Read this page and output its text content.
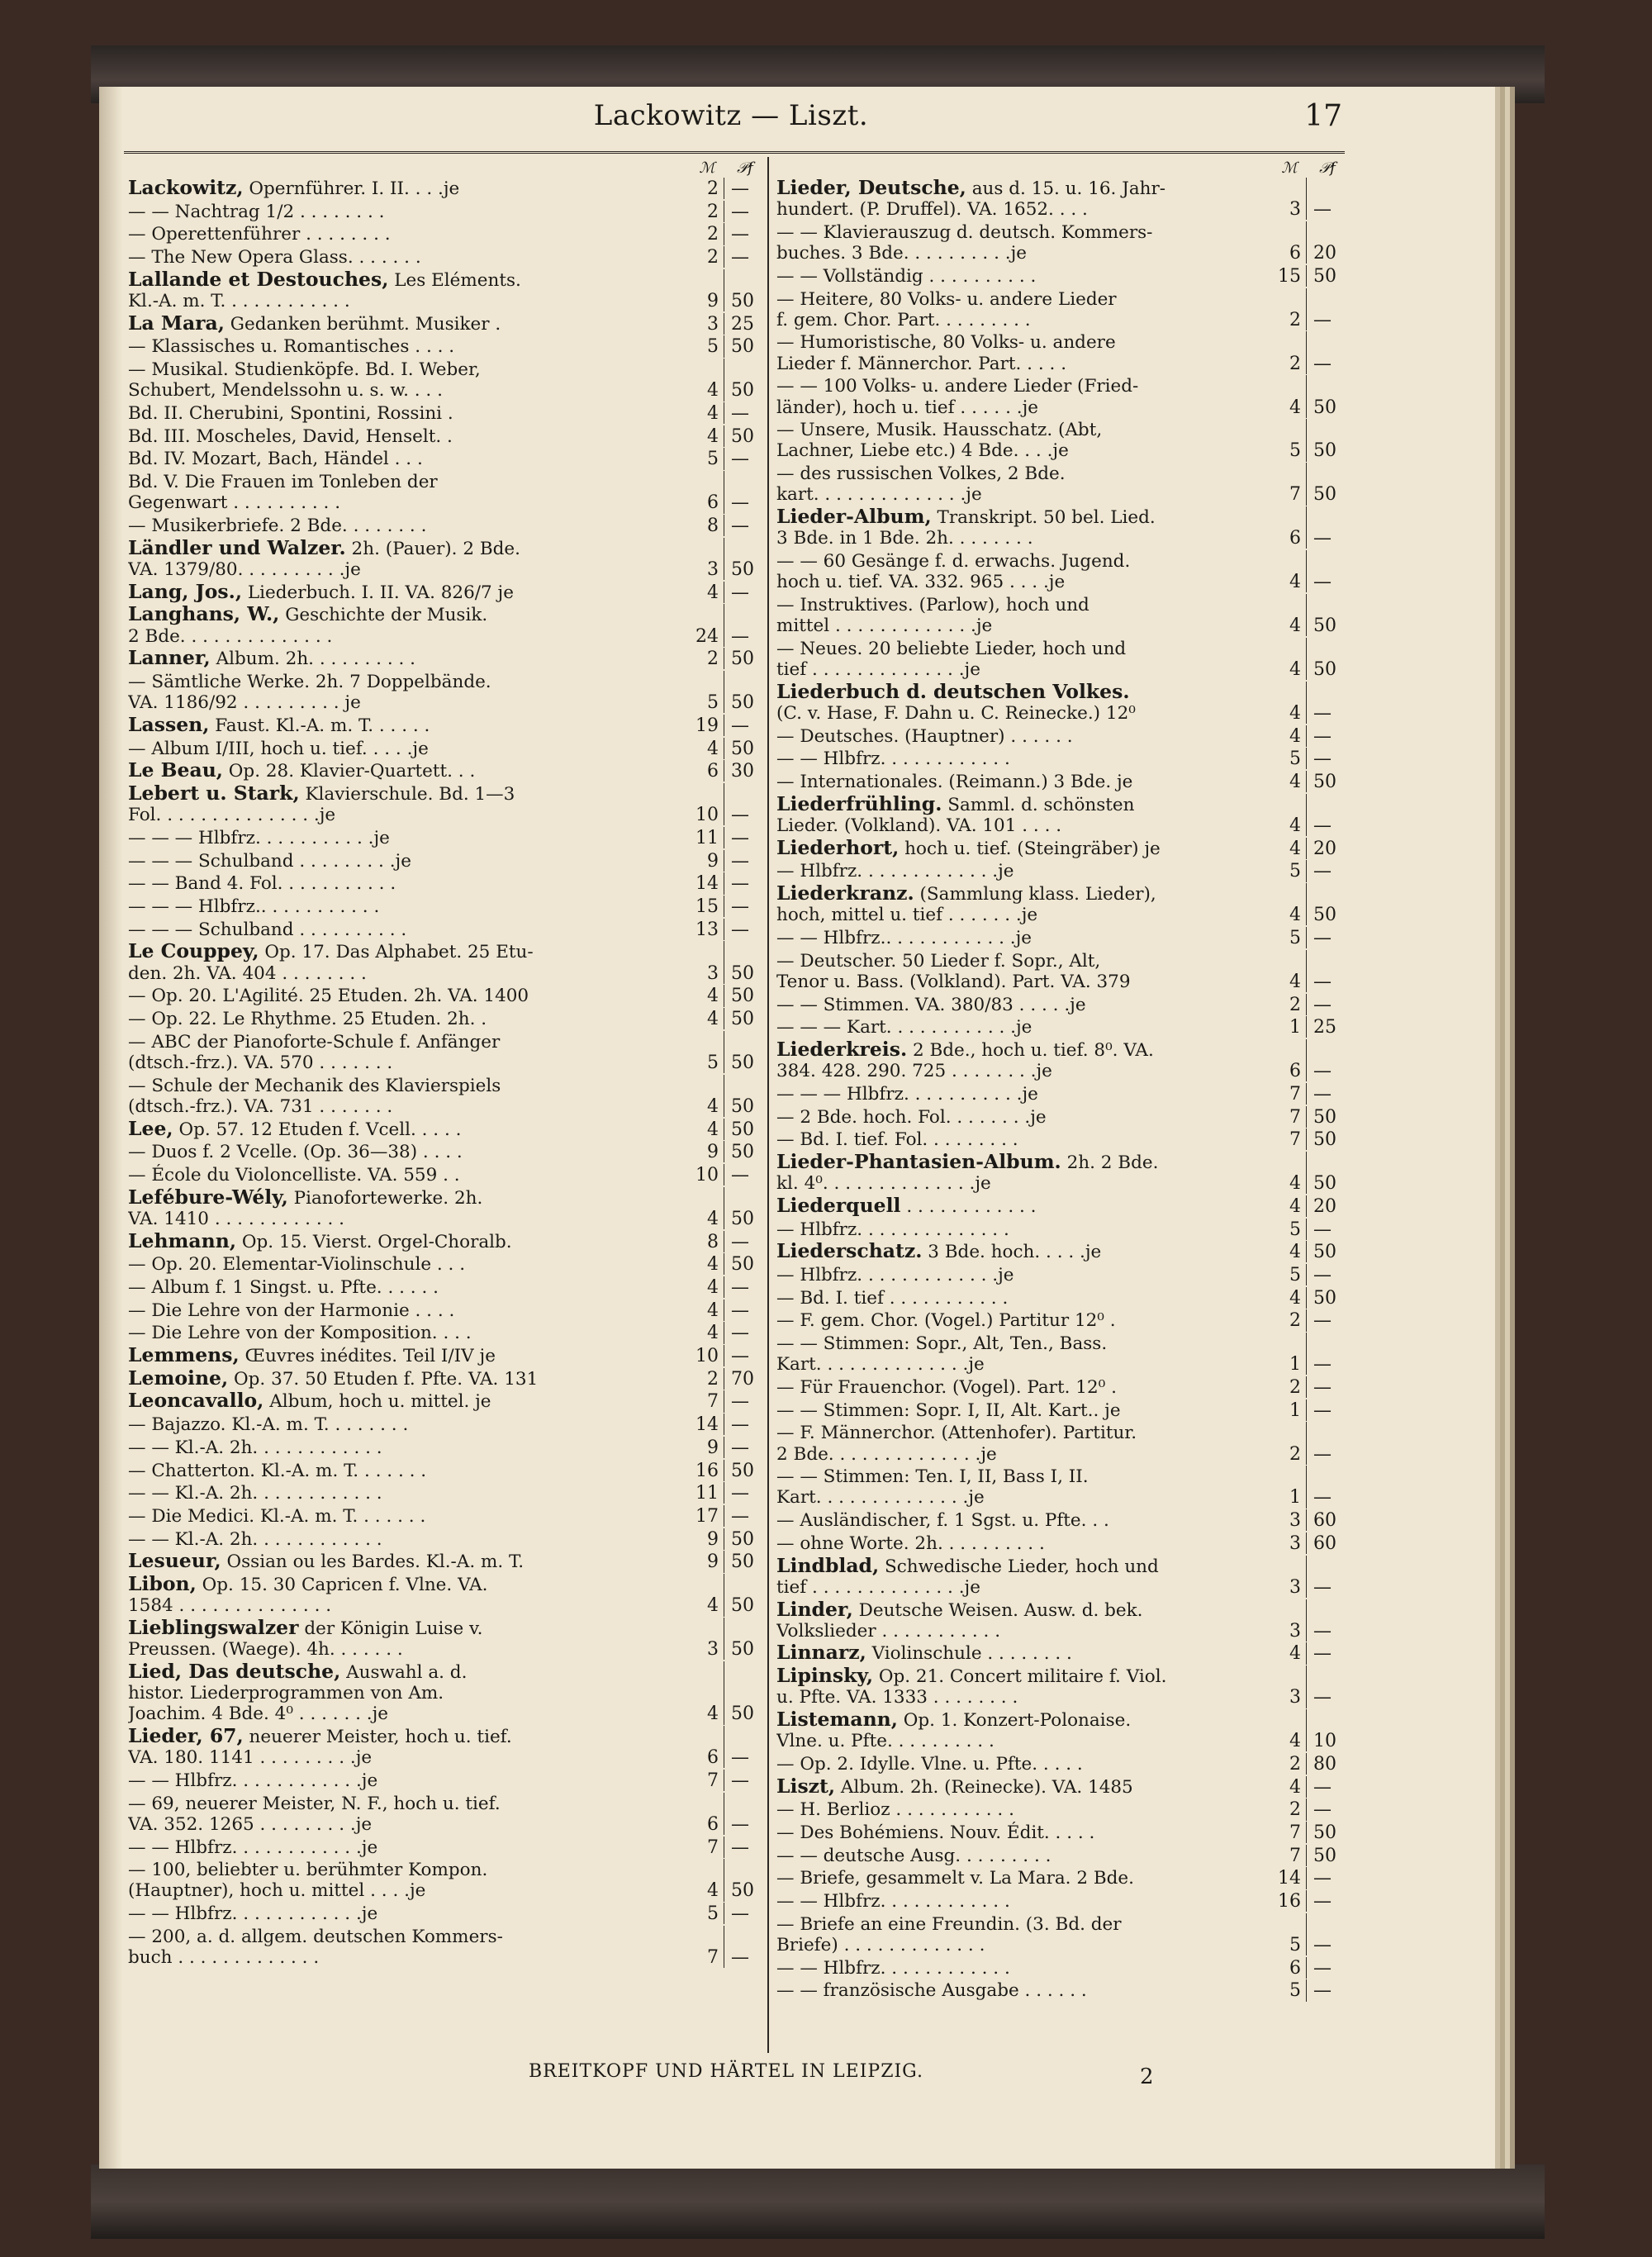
Lackowitz — Liszt.	17
ℳ	𝒫f
Lackowitz, Opernführer. I. II. . . .je	2 —
— — Nachtrag 1/2 . . . . . . . .	2 —
— Operettenführer . . . . . . . .	2 —
— The New Opera Glass. . . . . . .	2 —
Lallande et Destouches, Les Eléments.
Kl.-A. m. T. . . . . . . . . . . .	9 50
La Mara, Gedanken berühmt. Musiker .	3 25
— Klassisches u. Romantisches . . . .	5 50
— Musikal. Studienköpfe. Bd. I. Weber,
Schubert, Mendelssohn u. s. w. . . .	4 50
Bd. II. Cherubini, Spontini, Rossini .	4 —
Bd. III. Moscheles, David, Henselt. .	4 50
Bd. IV. Mozart, Bach, Händel . . .	5 —
Bd. V. Die Frauen im Tonleben der
Gegenwart . . . . . . . . . .	6 —
— Musikerbriefe. 2 Bde. . . . . . . .	8 —
Ländler und Walzer. 2h. (Pauer). 2 Bde.
VA. 1379/80. . . . . . . . . .je	3 50
Lang, Jos., Liederbuch. I. II. VA. 826/7 je	4 —
Langhans, W., Geschichte der Musik.
2 Bde. . . . . . . . . . . . . .	24 —
Lanner, Album. 2h. . . . . . . . . .	2 50
— Sämtliche Werke. 2h. 7 Doppelbände.
VA. 1186/92 . . . . . . . . . je	5 50
Lassen, Faust. Kl.-A. m. T. . . . . .	19 —
— Album I/III, hoch u. tief. . . . .je	4 50
Le Beau, Op. 28. Klavier-Quartett. . .	6 30
Lebert u. Stark, Klavierschule. Bd. 1—3
Fol. . . . . . . . . . . . . . .je	10 —
— — — Hlbfrz. . . . . . . . . . .je	11 —
— — — Schulband . . . . . . . . .je	9 —
— — Band 4. Fol. . . . . . . . . . .	14 —
— — — Hlbfrz.. . . . . . . . . . .	15 —
— — — Schulband . . . . . . . . . .	13 —
Le Couppey, Op. 17. Das Alphabet. 25 Etu-
den. 2h. VA. 404 . . . . . . . .	3 50
— Op. 20. L'Agilité. 25 Etuden. 2h. VA. 1400	4 50
— Op. 22. Le Rhythme. 25 Etuden. 2h. .	4 50
— ABC der Pianoforte-Schule f. Anfänger
(dtsch.-frz.). VA. 570 . . . . . . .	5 50
— Schule der Mechanik des Klavierspiels
(dtsch.-frz.). VA. 731 . . . . . . .	4 50
Lee, Op. 57. 12 Etuden f. Vcell. . . . .	4 50
— Duos f. 2 Vcelle. (Op. 36—38) . . . .	9 50
— École du Violoncelliste. VA. 559 . .	10 —
Lefébure-Wély, Pianofortewerke. 2h.
VA. 1410 . . . . . . . . . . . .	4 50
Lehmann, Op. 15. Vierst. Orgel-Choralb.	8 —
— Op. 20. Elementar-Violinschule . . .	4 50
— Album f. 1 Singst. u. Pfte. . . . . .	4 —
— Die Lehre von der Harmonie . . . .	4 —
— Die Lehre von der Komposition. . . .	4 —
Lemmens, Œuvres inédites. Teil I/IV je	10 —
Lemoine, Op. 37. 50 Etuden f. Pfte. VA. 131	2 70
Leoncavallo, Album, hoch u. mittel. je	7 —
— Bajazzo. Kl.-A. m. T. . . . . . . .	14 —
— — Kl.-A. 2h. . . . . . . . . . . .	9 —
— Chatterton. Kl.-A. m. T. . . . . . .	16 50
— — Kl.-A. 2h. . . . . . . . . . . .	11 —
— Die Medici. Kl.-A. m. T. . . . . . .	17 —
— — Kl.-A. 2h. . . . . . . . . . . .	9 50
Lesueur, Ossian ou les Bardes. Kl.-A. m. T.	9 50
Libon, Op. 15. 30 Capricen f. Vlne. VA.
1584 . . . . . . . . . . . . . .	4 50
Lieblingswalzer der Königin Luise v.
Preussen. (Waege). 4h. . . . . . .	3 50
Lied, Das deutsche, Auswahl a. d.
histor. Liederprogrammen von Am.
Joachim. 4 Bde. 4⁰ . . . . . . .je	4 50
Lieder, 67, neuerer Meister, hoch u. tief.
VA. 180. 1141 . . . . . . . . .je	6 —
— — Hlbfrz. . . . . . . . . . . .je	7 —
— 69, neuerer Meister, N. F., hoch u. tief.
VA. 352. 1265 . . . . . . . . .je	6 —
— — Hlbfrz. . . . . . . . . . . .je	7 —
— 100, beliebter u. berühmter Kompon.
(Hauptner), hoch u. mittel . . . .je	4 50
— — Hlbfrz. . . . . . . . . . . .je	5 —
— 200, a. d. allgem. deutschen Kommers-
buch . . . . . . . . . . . . .	7 —
ℳ	𝒫f
Lieder, Deutsche, aus d. 15. u. 16. Jahr-
hundert. (P. Druffel). VA. 1652. . . .	3 —
— — Klavierauszug d. deutsch. Kommers-
buches. 3 Bde. . . . . . . . . .je	6 20
— — Vollständig . . . . . . . . . .	15 50
— Heitere, 80 Volks- u. andere Lieder
f. gem. Chor. Part. . . . . . . . .	2 —
— Humoristische, 80 Volks- u. andere
Lieder f. Männerchor. Part. . . . .	2 —
— — 100 Volks- u. andere Lieder (Fried-
länder), hoch u. tief . . . . . .je	4 50
— Unsere, Musik. Hausschatz. (Abt,
Lachner, Liebe etc.) 4 Bde. . . .je	5 50
— des russischen Volkes, 2 Bde.
kart. . . . . . . . . . . . . .je	7 50
Lieder-Album, Transkript. 50 bel. Lied.
3 Bde. in 1 Bde. 2h. . . . . . . .	6 —
— — 60 Gesänge f. d. erwachs. Jugend.
hoch u. tief. VA. 332. 965 . . . .je	4 —
— Instruktives. (Parlow), hoch und
mittel . . . . . . . . . . . . .je	4 50
— Neues. 20 beliebte Lieder, hoch und
tief . . . . . . . . . . . . . .je	4 50
Liederbuch d. deutschen Volkes.
(C. v. Hase, F. Dahn u. C. Reinecke.) 12⁰	4 —
— Deutsches. (Hauptner) . . . . . .	4 —
— — Hlbfrz. . . . . . . . . . . .	5 —
— Internationales. (Reimann.) 3 Bde. je	4 50
Liederfrühling. Samml. d. schönsten
Lieder. (Volkland). VA. 101 . . . .	4 —
Liederhort, hoch u. tief. (Steingräber) je	4 20
— Hlbfrz. . . . . . . . . . . . .je	5 —
Liederkranz. (Sammlung klass. Lieder),
hoch, mittel u. tief . . . . . . .je	4 50
— — Hlbfrz.. . . . . . . . . . . .je	5 —
— Deutscher. 50 Lieder f. Sopr., Alt,
Tenor u. Bass. (Volkland). Part. VA. 379	4 —
— — Stimmen. VA. 380/83 . . . . .je	2 —
— — — Kart. . . . . . . . . . . .je	1 25
Liederkreis. 2 Bde., hoch u. tief. 8⁰. VA.
384. 428. 290. 725 . . . . . . . .je	6 —
— — — Hlbfrz. . . . . . . . . . .je	7 —
— 2 Bde. hoch. Fol. . . . . . . .je	7 50
— Bd. I. tief. Fol. . . . . . . . .	7 50
Lieder-Phantasien-Album. 2h. 2 Bde.
kl. 4⁰. . . . . . . . . . . . . .je	4 50
Liederquell . . . . . . . . . . . .	4 20
— Hlbfrz. . . . . . . . . . . . . .	5 —
Liederschatz. 3 Bde. hoch. . . . .je	4 50
— Hlbfrz. . . . . . . . . . . . .je	5 —
— Bd. I. tief . . . . . . . . . . .	4 50
— F. gem. Chor. (Vogel.) Partitur 12⁰ .	2 —
— — Stimmen: Sopr., Alt, Ten., Bass.
Kart. . . . . . . . . . . . . .je	1 —
— Für Frauenchor. (Vogel). Part. 12⁰ .	2 —
— — Stimmen: Sopr. I, II, Alt. Kart.. je	1 —
— F. Männerchor. (Attenhofer). Partitur.
2 Bde. . . . . . . . . . . . . .je	2 —
— — Stimmen: Ten. I, II, Bass I, II.
Kart. . . . . . . . . . . . . .je	1 —
— Ausländischer, f. 1 Sgst. u. Pfte. . .	3 60
— ohne Worte. 2h. . . . . . . . . .	3 60
Lindblad, Schwedische Lieder, hoch und
tief . . . . . . . . . . . . . .je	3 —
Linder, Deutsche Weisen. Ausw. d. bek.
Volkslieder . . . . . . . . . . .	3 —
Linnarz, Violinschule . . . . . . . .	4 —
Lipinsky, Op. 21. Concert militaire f. Viol.
u. Pfte. VA. 1333 . . . . . . . .	3 —
Listemann, Op. 1. Konzert-Polonaise.
Vlne. u. Pfte. . . . . . . . . .	4 10
— Op. 2. Idylle. Vlne. u. Pfte. . . . .	2 80
Liszt, Album. 2h. (Reinecke). VA. 1485	4 —
— H. Berlioz . . . . . . . . . . .	2 —
— Des Bohémiens. Nouv. Édit. . . . .	7 50
— — deutsche Ausg. . . . . . . . .	7 50
— Briefe, gesammelt v. La Mara. 2 Bde.	14 —
— — Hlbfrz. . . . . . . . . . . .	16 —
— Briefe an eine Freundin. (3. Bd. der
Briefe) . . . . . . . . . . . . .	5 —
— — Hlbfrz. . . . . . . . . . . .	6 —
— — französische Ausgabe . . . . . .	5 —
BREITKOPF UND HÄRTEL IN LEIPZIG.	2
